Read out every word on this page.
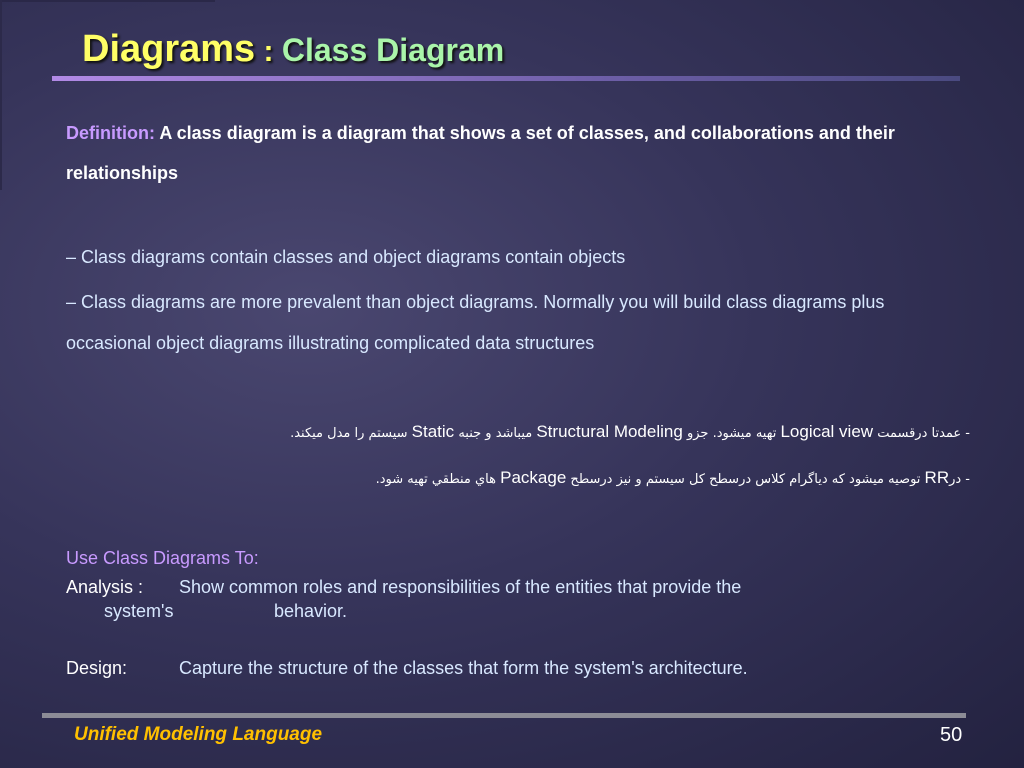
Diagrams : Class Diagram
Definition: A class diagram is a diagram that shows a set of classes, and collaborations and their relationships
– Class diagrams contain classes and object diagrams contain objects
– Class diagrams are more prevalent than object diagrams. Normally you will build class diagrams plus occasional object diagrams illustrating complicated data structures
- عمدتا درقسمت Logical view تهيه ميشود. جزو Structural Modeling ميباشد و جنبه Static سيستم را مدل ميكند.
- درRR توصيه ميشود كه دياگرام كلاس درسطح كل سيستم و نيز درسطح Package هاي منطقي تهيه شود.
Use Class Diagrams To:
Analysis : Show common roles and responsibilities of the entities that provide the
system's	behavior.
Design:	Capture the structure of the classes that form the system's architecture.
Unified Modeling Language	50
